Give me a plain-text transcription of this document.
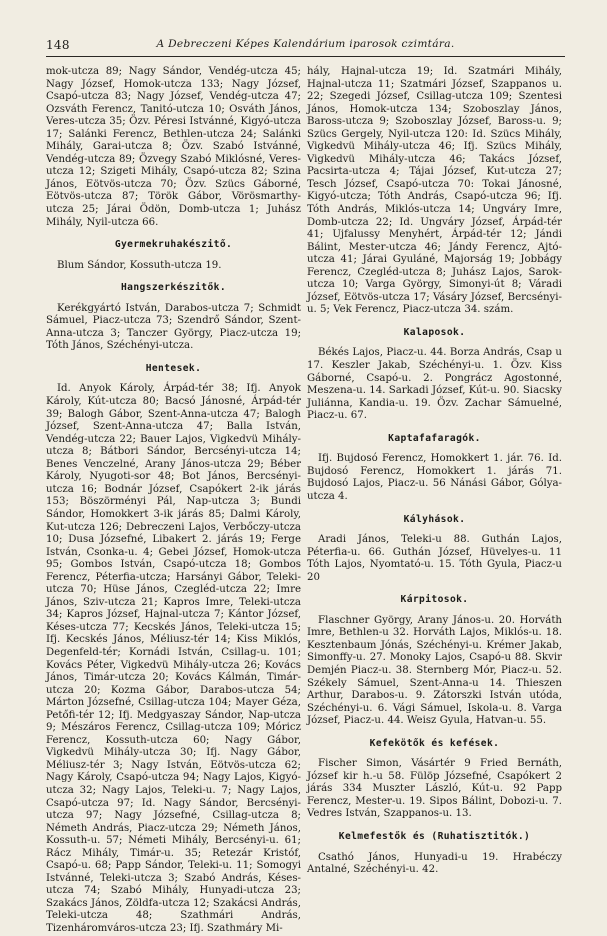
148	A Debreczeni Képes Kalendárium iparosok czimtára.

mok-utcza 89; Nagy Sándor, Vendég-utcza 45; Nagy József, Homok-utcza 133; Nagy József, Csapó-utcza 83; Nagy József, Vendég-utcza 47; Ozsváth Ferencz, Tanitó-utcza 10; Osváth János, Veres-utcza 35; Özv. Péresi Istvánné, Kigyó-utcza 17; Salánki Ferencz, Bethlen-utcza 24; Salánki Mihály, Garai-utcza 8; Özv. Szabó Istvánné, Vendég-utcza 89; Özvegy Szabó Miklósné, Veres-utcza 12; Szigeti Mihály, Csapó-utcza 82; Szina János, Eötvös-utcza 70; Özv. Szücs Gáborné, Eötvös-utcza 87; Török Gábor, Vörösmarthy-utcza 25; Járai Ödön, Domb-utcza 1; Juhász Mihály, Nyil-utcza 66.

Gyermekruhakészitő.

Blum Sándor, Kossuth-utcza 19.

Hangszerkészitők.

Kerékgyártó István, Darabos-utcza 7; Schmidt Sámuel, Piacz-utcza 73; Szendrő Sándor, Szent-Anna-utcza 3; Tanczer György, Piacz-utcza 19; Tóth János, Széchényi-utcza.

Hentesek.

Id. Anyok Károly, Árpád-tér 38; Ifj. Anyok Károly, Kút-utcza 80; Bacsó Jánosné, Árpád-tér 39; Balogh Gábor, Szent-Anna-utcza 47; Balogh József, Szent-Anna-utcza 47; Balla István, Vendég-utcza 22; Bauer Lajos, Vigkedvü Mihály-utcza 8; Bátbori Sándor, Bercsényi-utcza 14; Benes Venczelné, Arany János-utcza 29; Béber Károly, Nyugoti-sor 48; Bot János, Bercsényi-utcza 16; Bodnár József, Csapókert 2-ik járás 153; Böszörményi Pál, Nap-utcza 3; Bundi Sándor, Homokkert 3-ik járás 85; Dalmi Károly, Kut-utcza 126; Debreczeni Lajos, Verbőczy-utcza 10; Dusa Józsefné, Libakert 2. járás 19; Ferge István, Csonka-u. 4; Gebei József, Homok-utcza 95; Gombos István, Csapó-utcza 18; Gombos Ferencz, Péterfia-utcza; Harsányi Gábor, Teleki-utcza 70; Hüse János, Czegléd-utcza 22; Imre János, Sziv-utcza 21; Kapros Imre, Teleki-utcza 34; Kapros József, Hajnal-utcza 7; Kántor József, Késes-utcza 77; Kecskés János, Teleki-utcza 15; Ifj. Kecskés János, Méliusz-tér 14; Kiss Miklós, Degenfeld-tér; Kornádi István, Csillag-u. 101; Kovács Péter, Vigkedvü Mihály-utcza 26; Kovács János, Timár-utcza 20; Kovács Kálmán, Timár-utcza 20; Kozma Gábor, Darabos-utcza 54; Márton Józsefné, Csillag-utcza 104; Mayer Géza, Petőfi-tér 12; Ifj. Medgyaszay Sándor, Nap-utcza 9; Mészáros Ferencz, Csillag-utcza 109; Móricz Ferencz, Kossuth-utcza 60; Nagy Gábor, Vigkedvü Mihály-utcza 30; Ifj. Nagy Gábor, Méliusz-tér 3; Nagy István, Eötvös-utcza 62; Nagy Károly, Csapó-utcza 94; Nagy Lajos, Kigyó-utcza 32; Nagy Lajos, Teleki-u. 7; Nagy Lajos, Csapó-utcza 97; Id. Nagy Sándor, Bercsényi-utcza 97; Nagy Józsefné, Csillag-utcza 8; Németh András, Piacz-utcza 29; Németh János, Kossuth-u. 57; Németi Mihály, Bercsényi-u. 61; Rácz Mihály, Timár-u. 35; Retezár Kristóf, Csapó-u. 68; Papp Sándor, Teleki-u. 11; Somogyi Istvánné, Teleki-utcza 3; Szabó András, Késes-utcza 74; Szabó Mihály, Hunyadi-utcza 23; Szakács János, Zöldfa-utcza 12; Szakácsi András, Teleki-utcza 48; Szathmári András, Tizenháromváros-utcza 23; Ifj. Szathmáry Mi-

hály, Hajnal-utcza 19; Id. Szatmári Mihály, Hajnal-utcza 11; Szatmári József, Szappanos u. 22; Szegedi József, Csillag-utcza 109; Szentesi János, Homok-utcza 134; Szoboszlay János, Baross-utcza 9; Szoboszlay József, Baross-u. 9; Szücs Gergely, Nyil-utcza 120: Id. Szücs Mihály, Vigkedvü Mihály-utcza 46; Ifj. Szücs Mihály, Vigkedvü Mihály-utcza 46; Takács József, Pacsirta-utcza 4; Tájai József, Kut-utcza 27; Tesch József, Csapó-utcza 70: Tokai Jánosné, Kigyó-utcza; Tóth András, Csapó-utcza 96; Ifj. Tóth András, Miklós-utcza 14; Ungváry Imre, Domb-utcza 22; Id. Ungváry József, Árpád-tér 41; Ujfalussy Menyhért, Árpád-tér 12; Jándi Bálint, Mester-utcza 46; Jándy Ferencz, Ajtó-utcza 41; Járai Gyuláné, Majorság 19; Jobbágy Ferencz, Czegléd-utcza 8; Juhász Lajos, Sarok-utcza 10; Varga György, Simonyi-út 8; Váradi József, Eötvös-utcza 17; Vásáry József, Bercsényi-u. 5; Vek Ferencz, Piacz-utcza 34. szám.

Kalaposok.

Békés Lajos, Piacz-u. 44. Borza András, Csap u 17. Keszler Jakab, Széchényi-u. 1. Özv. Kiss Gáborné, Csapó-u. 2. Pongrácz Agostonné, Meszena-u. 14. Sarkadi József, Kút-u. 90. Siacsky Juliánna, Kandia-u. 19. Özv. Zachar Sámuelné, Piacz-u. 67.

Kaptafafaragók.

Ifj. Bujdosó Ferencz, Homokkert 1. jár. 76. Id. Bujdosó Ferencz, Homokkert 1. járás 71. Bujdosó Lajos, Piacz-u. 56 Nánási Gábor, Gólya-utcza 4.

Kályhások.

Aradi János, Teleki-u 88. Guthán Lajos, Péterfia-u. 66. Guthán József, Hüvelyes-u. 11 Tóth Lajos, Nyomtató-u. 15. Tóth Gyula, Piacz-u 20

Kárpitosok.

Flaschner György, Arany János-u. 20. Horváth Imre, Bethlen-u 32. Horváth Lajos, Miklós-u. 18. Kesztenbaum Jónás, Széchényi-u. Krémer Jakab, Simonffy-u. 27. Monoky Lajos, Csapó-u 88. Skvir Demjén Piacz-u. 38. Sternberg Mór, Piacz-u. 52. Székely Sámuel, Szent-Anna-u 14. Thieszen Arthur, Darabos-u. 9. Zátorszki István utóda, Széchényi-u. 6. Vági Sámuel, Iskola-u. 8. Varga József, Piacz-u. 44. Weisz Gyula, Hatvan-u. 55.

Kefekötők és kefések.

Fischer Simon, Vásártér 9 Fried Bernáth, József kir h.-u 58. Fülöp Józsefné, Csapókert 2 járás 334 Muszter László, Kút-u. 92 Papp Ferencz, Mester-u. 19. Sipos Bálint, Dobozi-u. 7. Vedres István, Szappanos-u. 13.

Kelmefestők és (Ruhatisztitók.)

Csathó János, Hunyadi-u 19. Hrabéczy Antalné, Széchényi-u. 42.
